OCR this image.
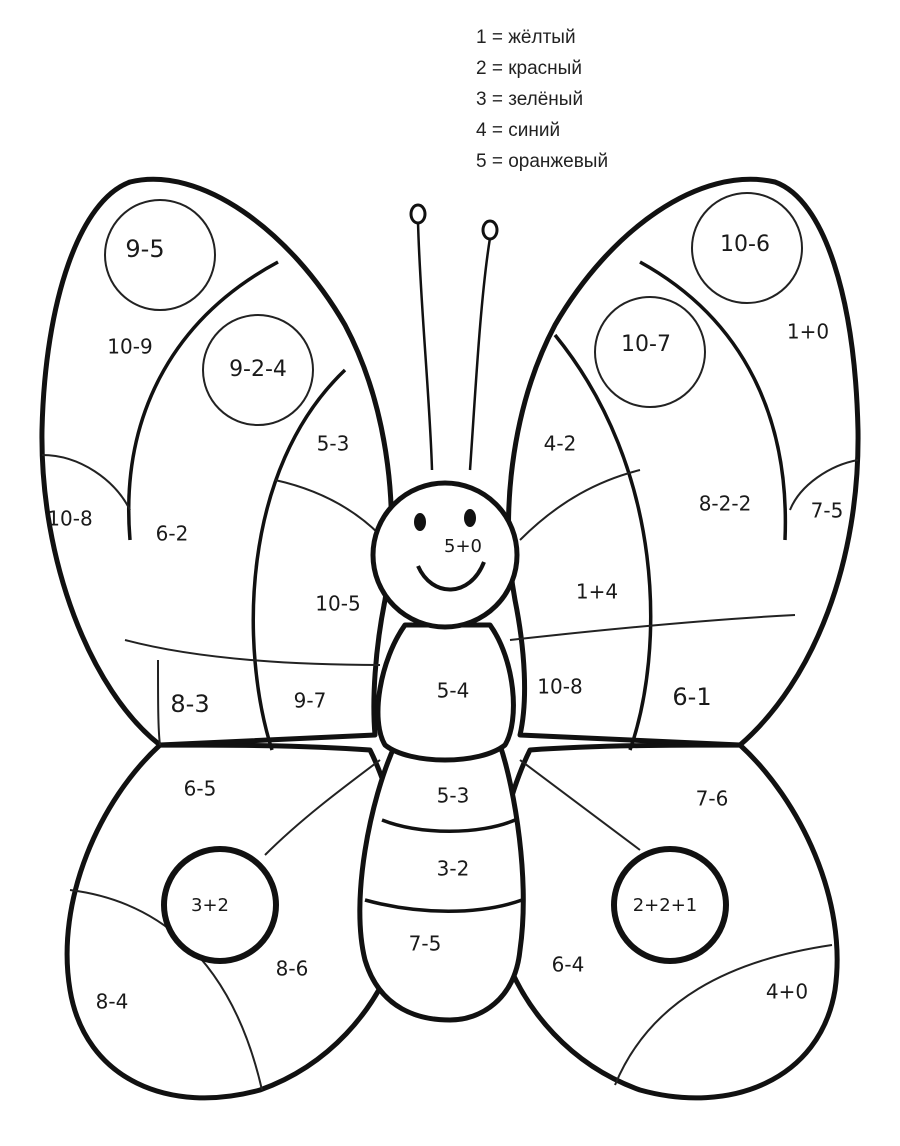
1 = жёлтый
2 = красный
3 = зелёный
4 = синий
5 = оранжевый
9-5
10-9
9-2-4
5-3
10-8
6-2
10-5
8-3	9-7
10-6
1+0
10-7
4-2
8-2-2	7-5
1+4
10-8	6-1
5+0
5-4
5-3
3-2
7-5
6-5
3+2
8-6
8-4
7-6
2+2+1
6-4
4+0
